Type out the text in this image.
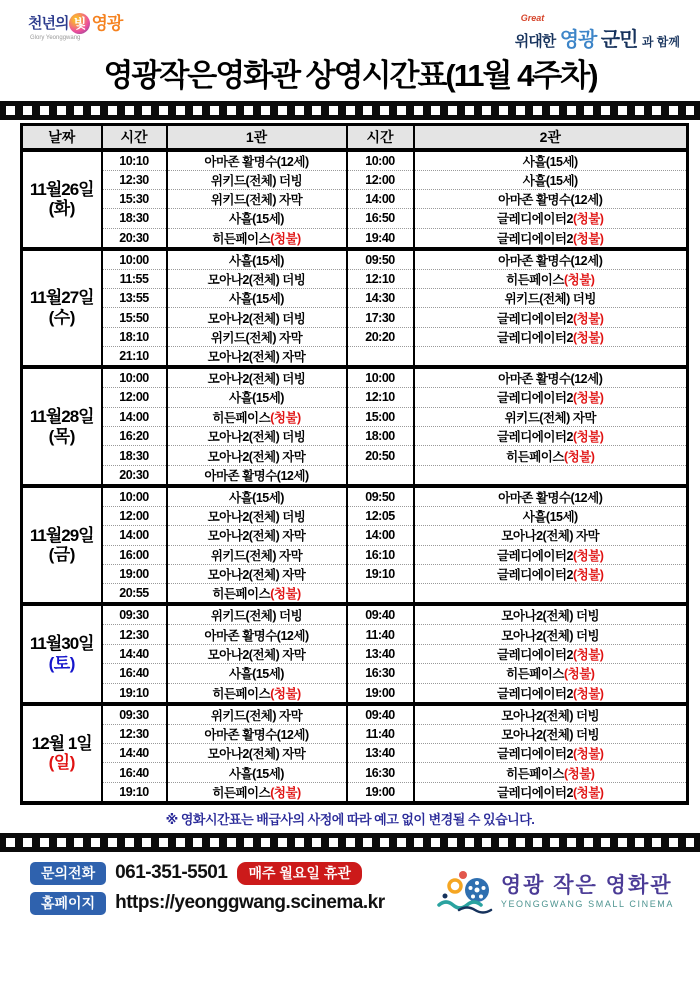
천년의 빛 영광
Glory Yeonggwang
Great
위대한 영광 군민 과 함께
영광작은영화관 상영시간표(11월 4주차)
날짜	시간	1관	시간	2관

11월26일
(화)	10:10	아마존 활명수(12세)	10:00	사흘(15세)
	12:30	위키드(전체) 더빙	12:00	사흘(15세)
	15:30	위키드(전체) 자막	14:00	아마존 활명수(12세)
	18:30	사흘(15세)	16:50	글레디에이터2(청불)
	20:30	히든페이스(청불)	19:40	글레디에이터2(청불)

11월27일
(수)	10:00	사흘(15세)	09:50	아마존 활명수(12세)
	11:55	모아나2(전체) 더빙	12:10	히든페이스(청불)
	13:55	사흘(15세)	14:30	위키드(전체) 더빙
	15:50	모아나2(전체) 더빙	17:30	글레디에이터2(청불)
	18:10	위키드(전체) 자막	20:20	글레디에이터2(청불)
	21:10	모아나2(전체) 자막		

11월28일
(목)	10:00	모아나2(전체) 더빙	10:00	아마존 활명수(12세)
	12:00	사흘(15세)	12:10	글레디에이터2(청불)
	14:00	히든페이스(청불)	15:00	위키드(전체) 자막
	16:20	모아나2(전체) 더빙	18:00	글레디에이터2(청불)
	18:30	모아나2(전체) 자막	20:50	히든페이스(청불)
	20:30	아마존 활명수(12세)		

11월29일
(금)	10:00	사흘(15세)	09:50	아마존 활명수(12세)
	12:00	모아나2(전체) 더빙	12:05	사흘(15세)
	14:00	모아나2(전체) 자막	14:00	모아나2(전체) 자막
	16:00	위키드(전체) 자막	16:10	글레디에이터2(청불)
	19:00	모아나2(전체) 자막	19:10	글레디에이터2(청불)
	20:55	히든페이스(청불)		

11월30일
(토)	09:30	위키드(전체) 더빙	09:40	모아나2(전체) 더빙
	12:30	아마존 활명수(12세)	11:40	모아나2(전체) 더빙
	14:40	모아나2(전체) 자막	13:40	글레디에이터2(청불)
	16:40	사흘(15세)	16:30	히든페이스(청불)
	19:10	히든페이스(청불)	19:00	글레디에이터2(청불)

12월 1일
(일)	09:30	위키드(전체) 자막	09:40	모아나2(전체) 더빙
	12:30	아마존 활명수(12세)	11:40	모아나2(전체) 더빙
	14:40	모아나2(전체) 자막	13:40	글레디에이터2(청불)
	16:40	사흘(15세)	16:30	히든페이스(청불)
	19:10	히든페이스(청불)	19:00	글레디에이터2(청불)
※ 영화시간표는 배급사의 사정에 따라 예고 없이 변경될 수 있습니다.
문의전화	061-351-5501	매주 월요일 휴관
홈페이지	https://yeonggwang.scinema.kr
영광 작은 영화관
YEONGGWANG SMALL CINEMA
